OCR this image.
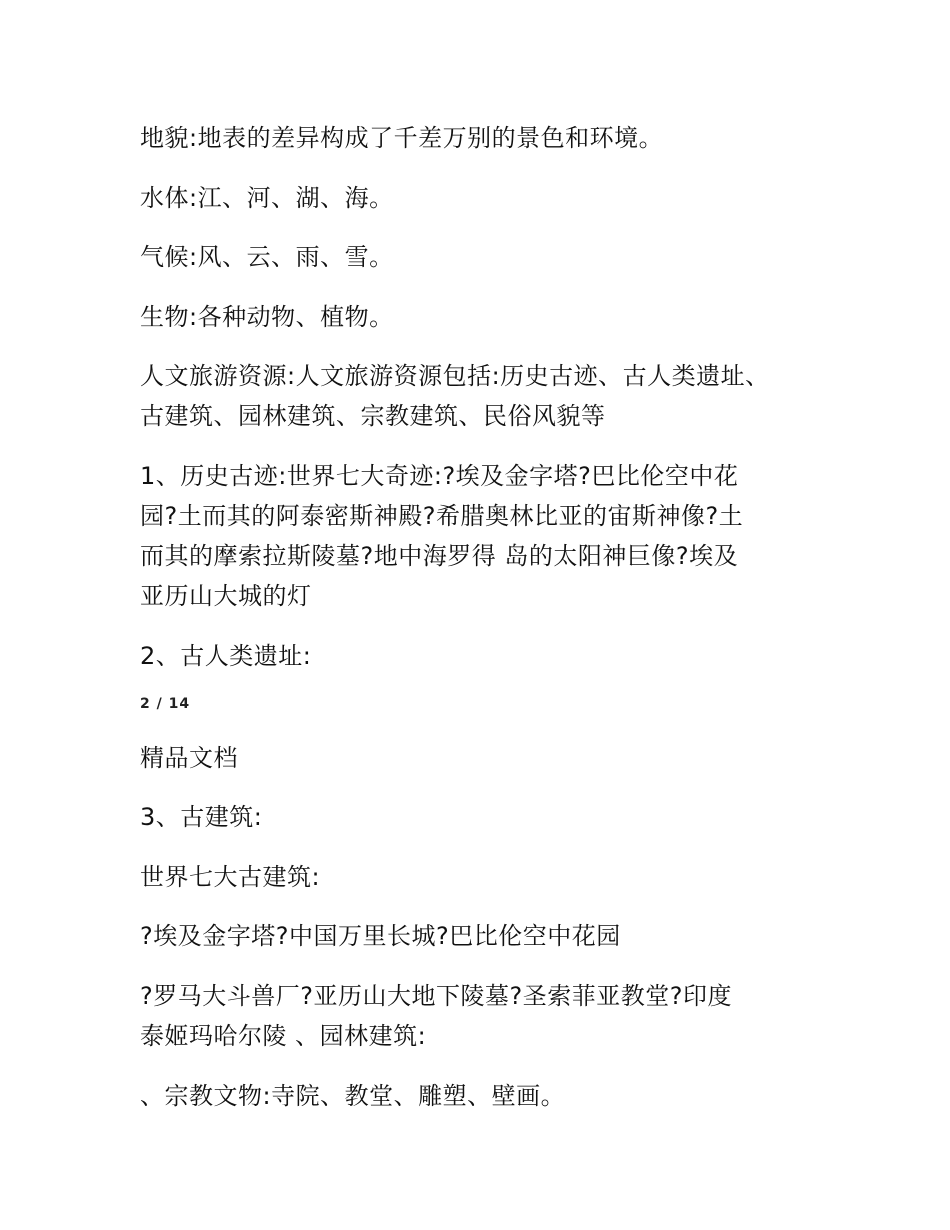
地貌:地表的差异构成了千差万别的景色和环境。

水体:江、河、湖、海。

气候:风、云、雨、雪。

生物:各种动物、植物。

人文旅游资源:人文旅游资源包括:历史古迹、古人类遗址、
古建筑、园林建筑、宗教建筑、民俗风貌等

1、历史古迹:世界七大奇迹:?埃及金字塔?巴比伦空中花
园?土而其的阿泰密斯神殿?希腊奥林比亚的宙斯神像?土
而其的摩索拉斯陵墓?地中海罗得 岛的太阳神巨像?埃及
亚历山大城的灯

2、古人类遗址:

2 / 14

精品文档

3、古建筑:

世界七大古建筑:

?埃及金字塔?中国万里长城?巴比伦空中花园

?罗马大斗兽厂?亚历山大地下陵墓?圣索菲亚教堂?印度
泰姬玛哈尔陵 、园林建筑:

、宗教文物:寺院、教堂、雕塑、壁画。
